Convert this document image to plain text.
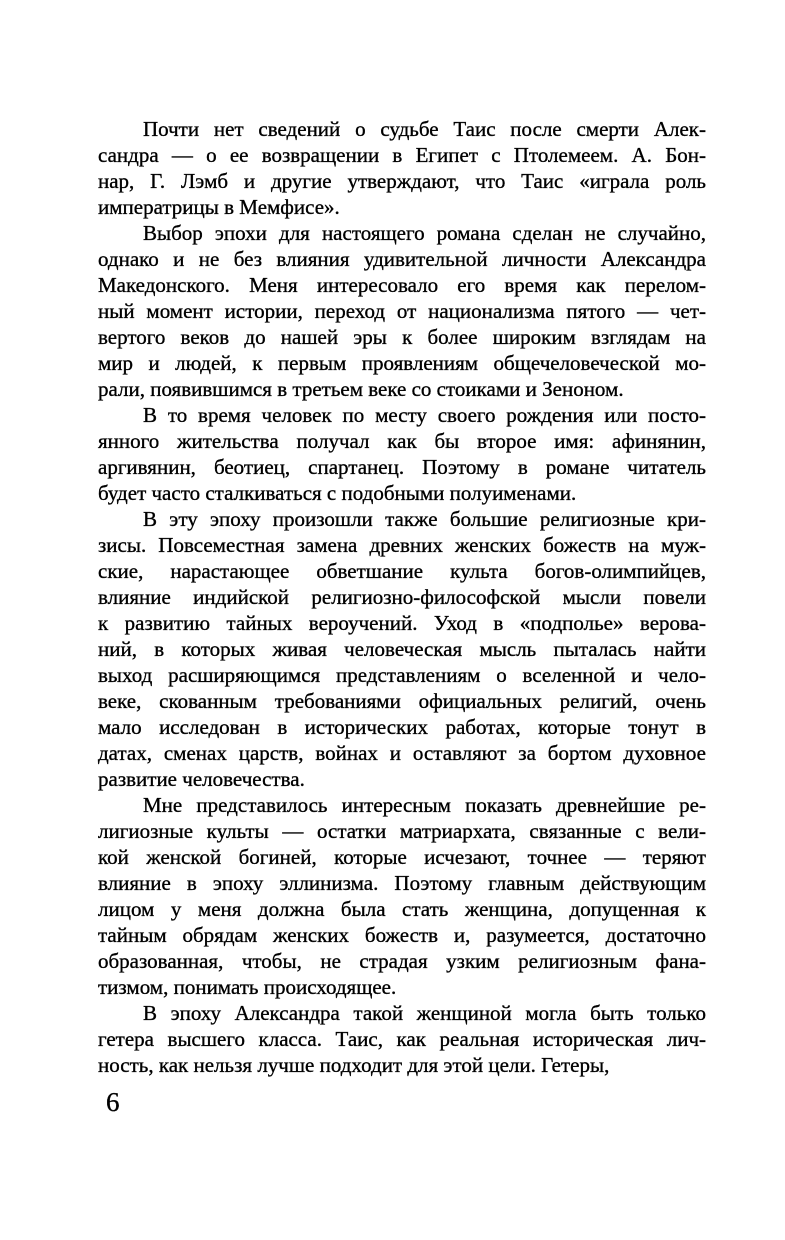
Почти нет сведений о судьбе Таис после смерти Алек-
сандра — о ее возвращении в Египет с Птолемеем. А. Бон-
нар, Г. Лэмб и другие утверждают, что Таис «играла роль
императрицы в Мемфисе».
Выбор эпохи для настоящего романа сделан не случайно,
однако и не без влияния удивительной личности Александра
Македонского. Меня интересовало его время как перелом-
ный момент истории, переход от национализма пятого — чет-
вертого веков до нашей эры к более широким взглядам на
мир и людей, к первым проявлениям общечеловеческой мо-
рали, появившимся в третьем веке со стоиками и Зеноном.
В то время человек по месту своего рождения или посто-
янного жительства получал как бы второе имя: афинянин,
аргивянин, беотиец, спартанец. Поэтому в романе читатель
будет часто сталкиваться с подобными полуименами.
В эту эпоху произошли также большие религиозные кри-
зисы. Повсеместная замена древних женских божеств на муж-
ские, нарастающее обветшание культа богов-олимпийцев,
влияние индийской религиозно-философской мысли повели
к развитию тайных вероучений. Уход в «подполье» верова-
ний, в которых живая человеческая мысль пыталась найти
выход расширяющимся представлениям о вселенной и чело-
веке, скованным требованиями официальных религий, очень
мало исследован в исторических работах, которые тонут в
датах, сменах царств, войнах и оставляют за бортом духовное
развитие человечества.
Мне представилось интересным показать древнейшие ре-
лигиозные культы — остатки матриархата, связанные с вели-
кой женской богиней, которые исчезают, точнее — теряют
влияние в эпоху эллинизма. Поэтому главным действующим
лицом у меня должна была стать женщина, допущенная к
тайным обрядам женских божеств и, разумеется, достаточно
образованная, чтобы, не страдая узким религиозным фана-
тизмом, понимать происходящее.
В эпоху Александра такой женщиной могла быть только
гетера высшего класса. Таис, как реальная историческая лич-
ность, как нельзя лучше подходит для этой цели. Гетеры,
6
